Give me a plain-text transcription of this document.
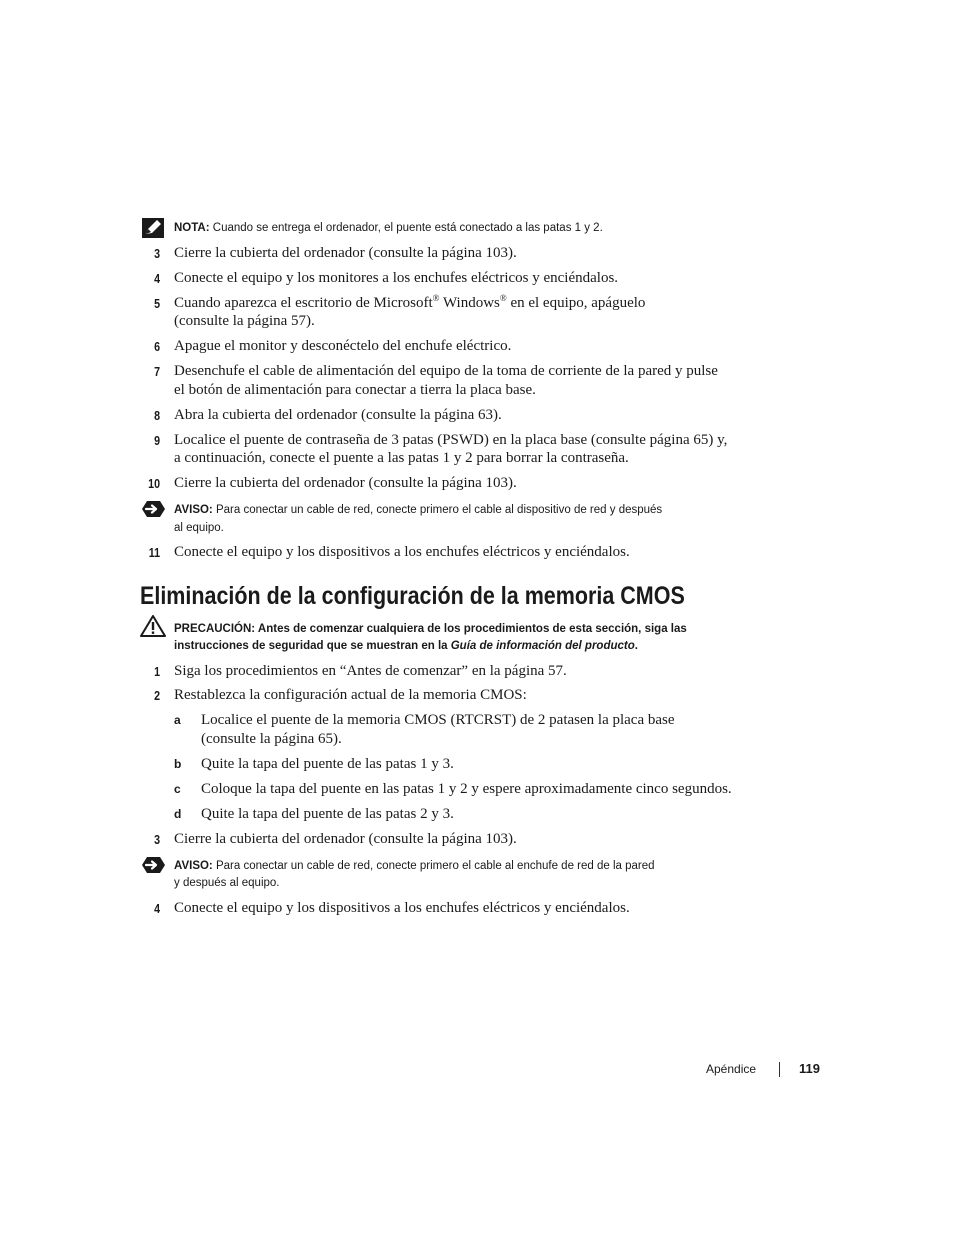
NOTA: Cuando se entrega el ordenador, el puente está conectado a las patas 1 y 2.
3 Cierre la cubierta del ordenador (consulte la página 103).
4 Conecte el equipo y los monitores a los enchufes eléctricos y enciéndalos.
5 Cuando aparezca el escritorio de Microsoft® Windows® en el equipo, apáguelo
(consulte la página 57).
6 Apague el monitor y desconéctelo del enchufe eléctrico.
7 Desenchufe el cable de alimentación del equipo de la toma de corriente de la pared y pulse
el botón de alimentación para conectar a tierra la placa base.
8 Abra la cubierta del ordenador (consulte la página 63).
9 Localice el puente de contraseña de 3 patas (PSWD) en la placa base (consulte página 65) y,
a continuación, conecte el puente a las patas 1 y 2 para borrar la contraseña.
10 Cierre la cubierta del ordenador (consulte la página 103).
AVISO: Para conectar un cable de red, conecte primero el cable al dispositivo de red y después
al equipo.
11 Conecte el equipo y los dispositivos a los enchufes eléctricos y enciéndalos.
Eliminación de la configuración de la memoria CMOS
PRECAUCIÓN: Antes de comenzar cualquiera de los procedimientos de esta sección, siga las
instrucciones de seguridad que se muestran en la Guía de información del producto.
1 Siga los procedimientos en “Antes de comenzar” en la página 57.
2 Restablezca la configuración actual de la memoria CMOS:
a Localice el puente de la memoria CMOS (RTCRST) de 2 patasen la placa base
(consulte la página 65).
b Quite la tapa del puente de las patas 1 y 3.
c Coloque la tapa del puente en las patas 1 y 2 y espere aproximadamente cinco segundos.
d Quite la tapa del puente de las patas 2 y 3.
3 Cierre la cubierta del ordenador (consulte la página 103).
AVISO: Para conectar un cable de red, conecte primero el cable al enchufe de red de la pared
y después al equipo.
4 Conecte el equipo y los dispositivos a los enchufes eléctricos y enciéndalos.
Apéndice	119
